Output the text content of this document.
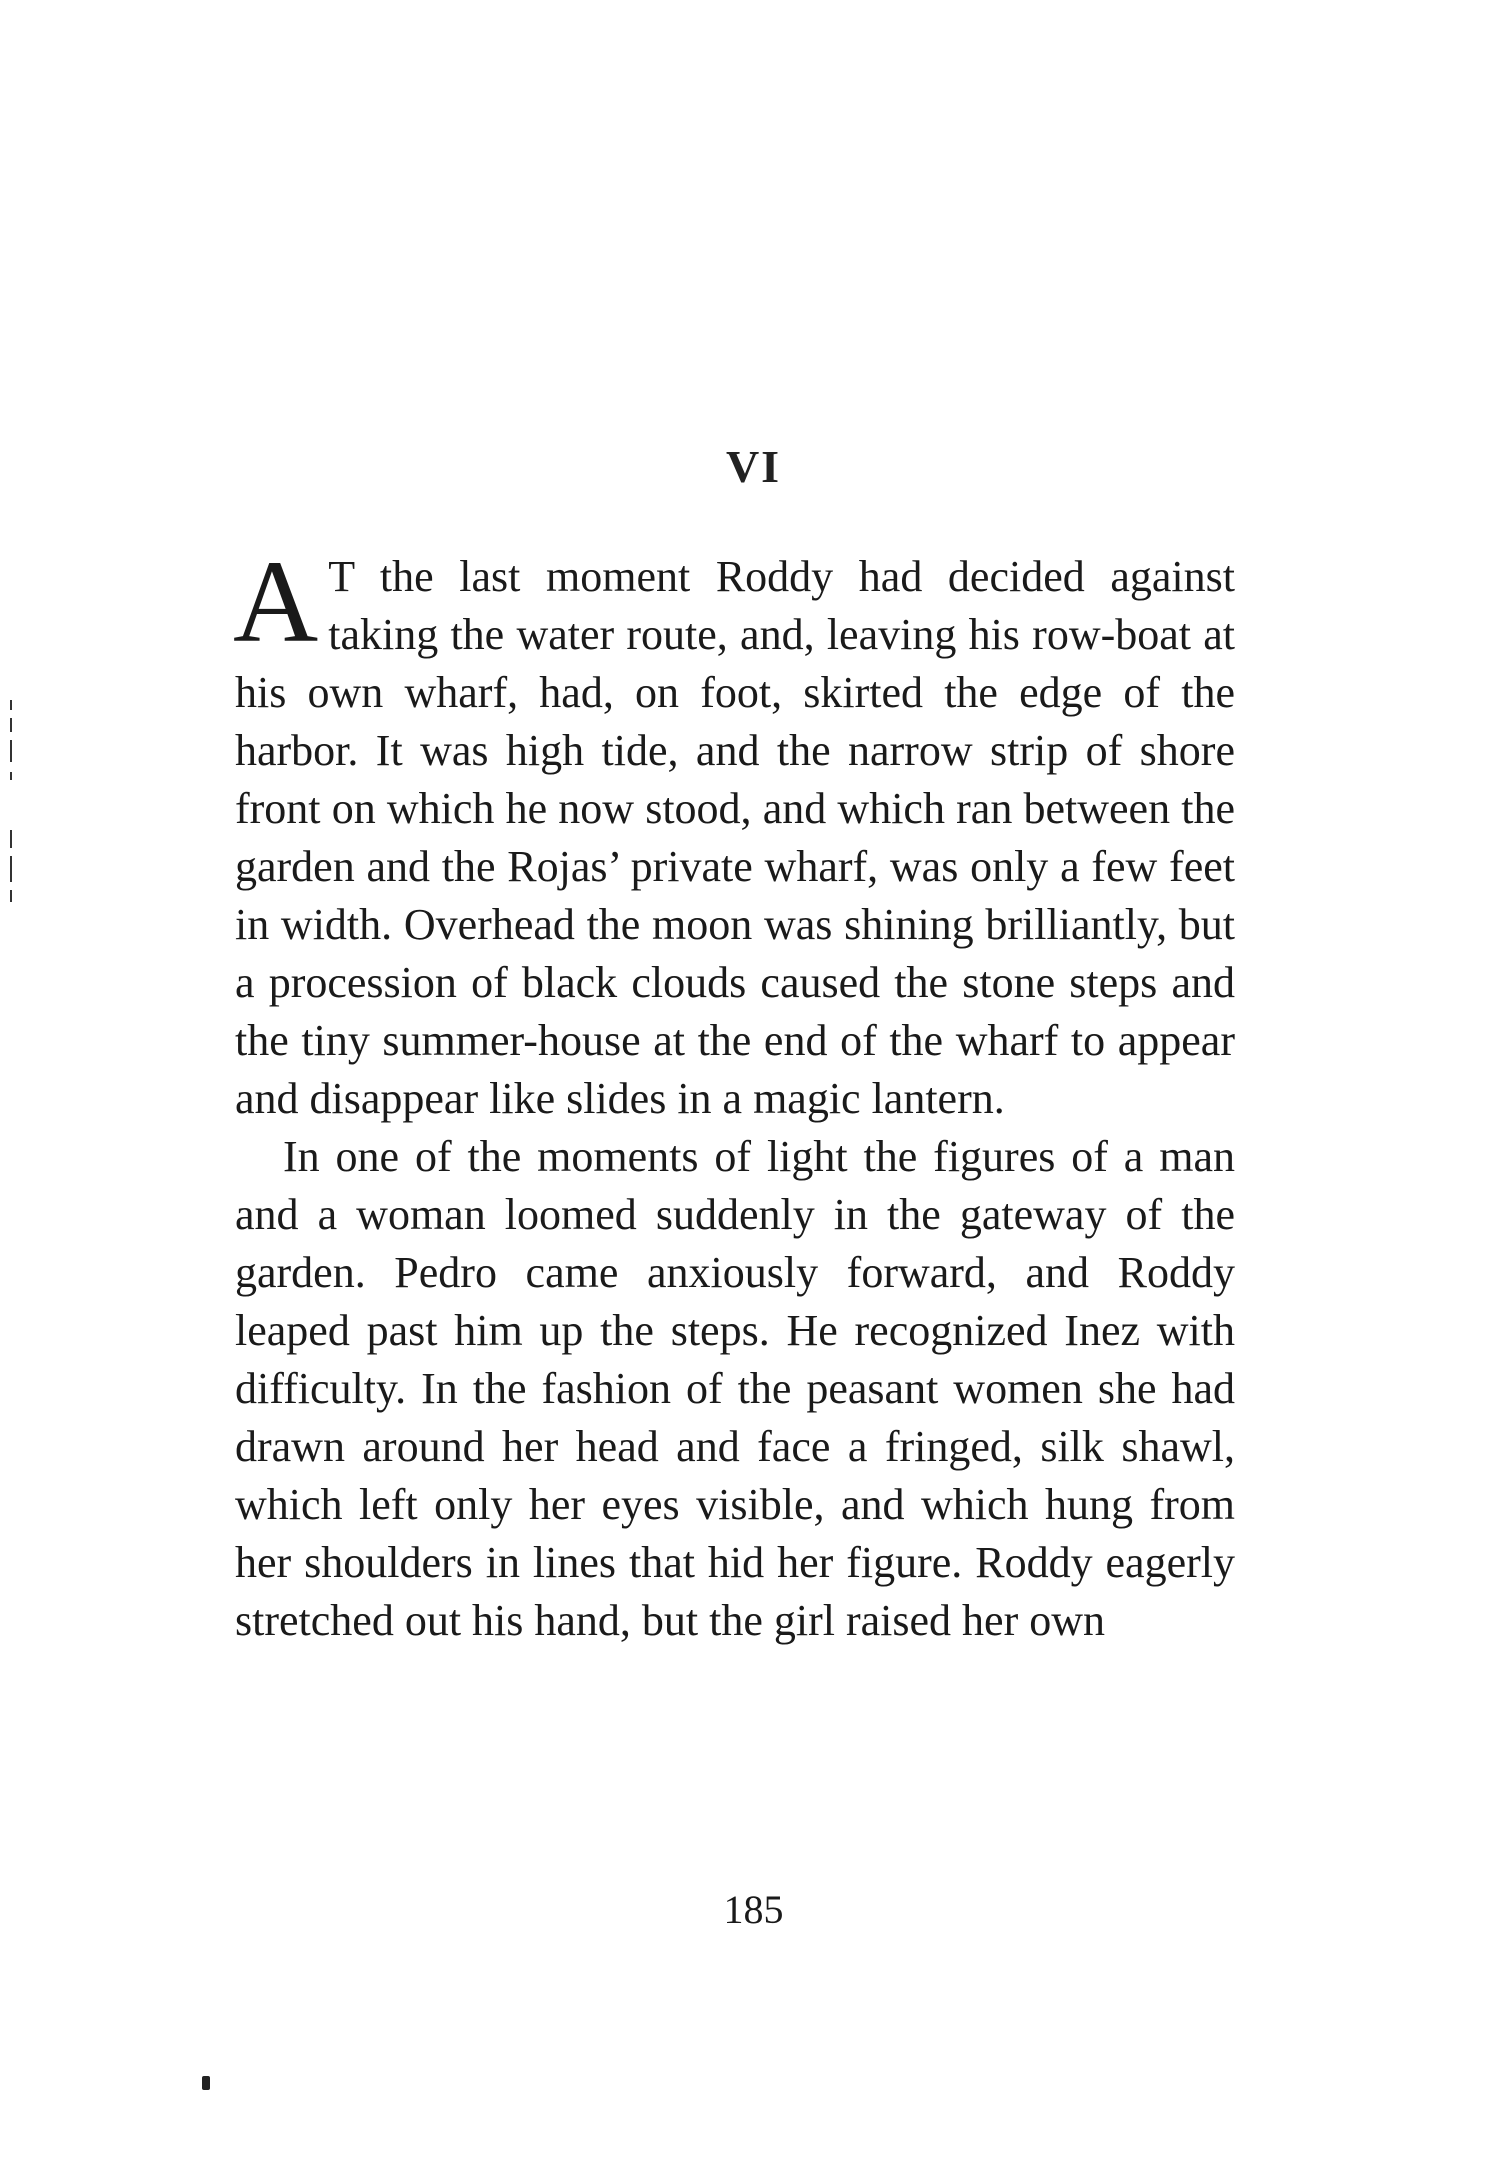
VI

A T the last moment Roddy had decided against taking the water route, and, leaving his row-boat at his own wharf, had, on foot, skirted the edge of the harbor. It was high tide, and the narrow strip of shore front on which he now stood, and which ran between the garden and the Rojas’ private wharf, was only a few feet in width. Overhead the moon was shining brilliantly, but a procession of black clouds caused the stone steps and the tiny summer-house at the end of the wharf to appear and disappear like slides in a magic lantern.

In one of the moments of light the figures of a man and a woman loomed suddenly in the gateway of the garden. Pedro came anxiously forward, and Roddy leaped past him up the steps. He recognized Inez with difficulty. In the fashion of the peasant women she had drawn around her head and face a fringed, silk shawl, which left only her eyes visible, and which hung from her shoulders in lines that hid her figure. Roddy eagerly stretched out his hand, but the girl raised her own

185
